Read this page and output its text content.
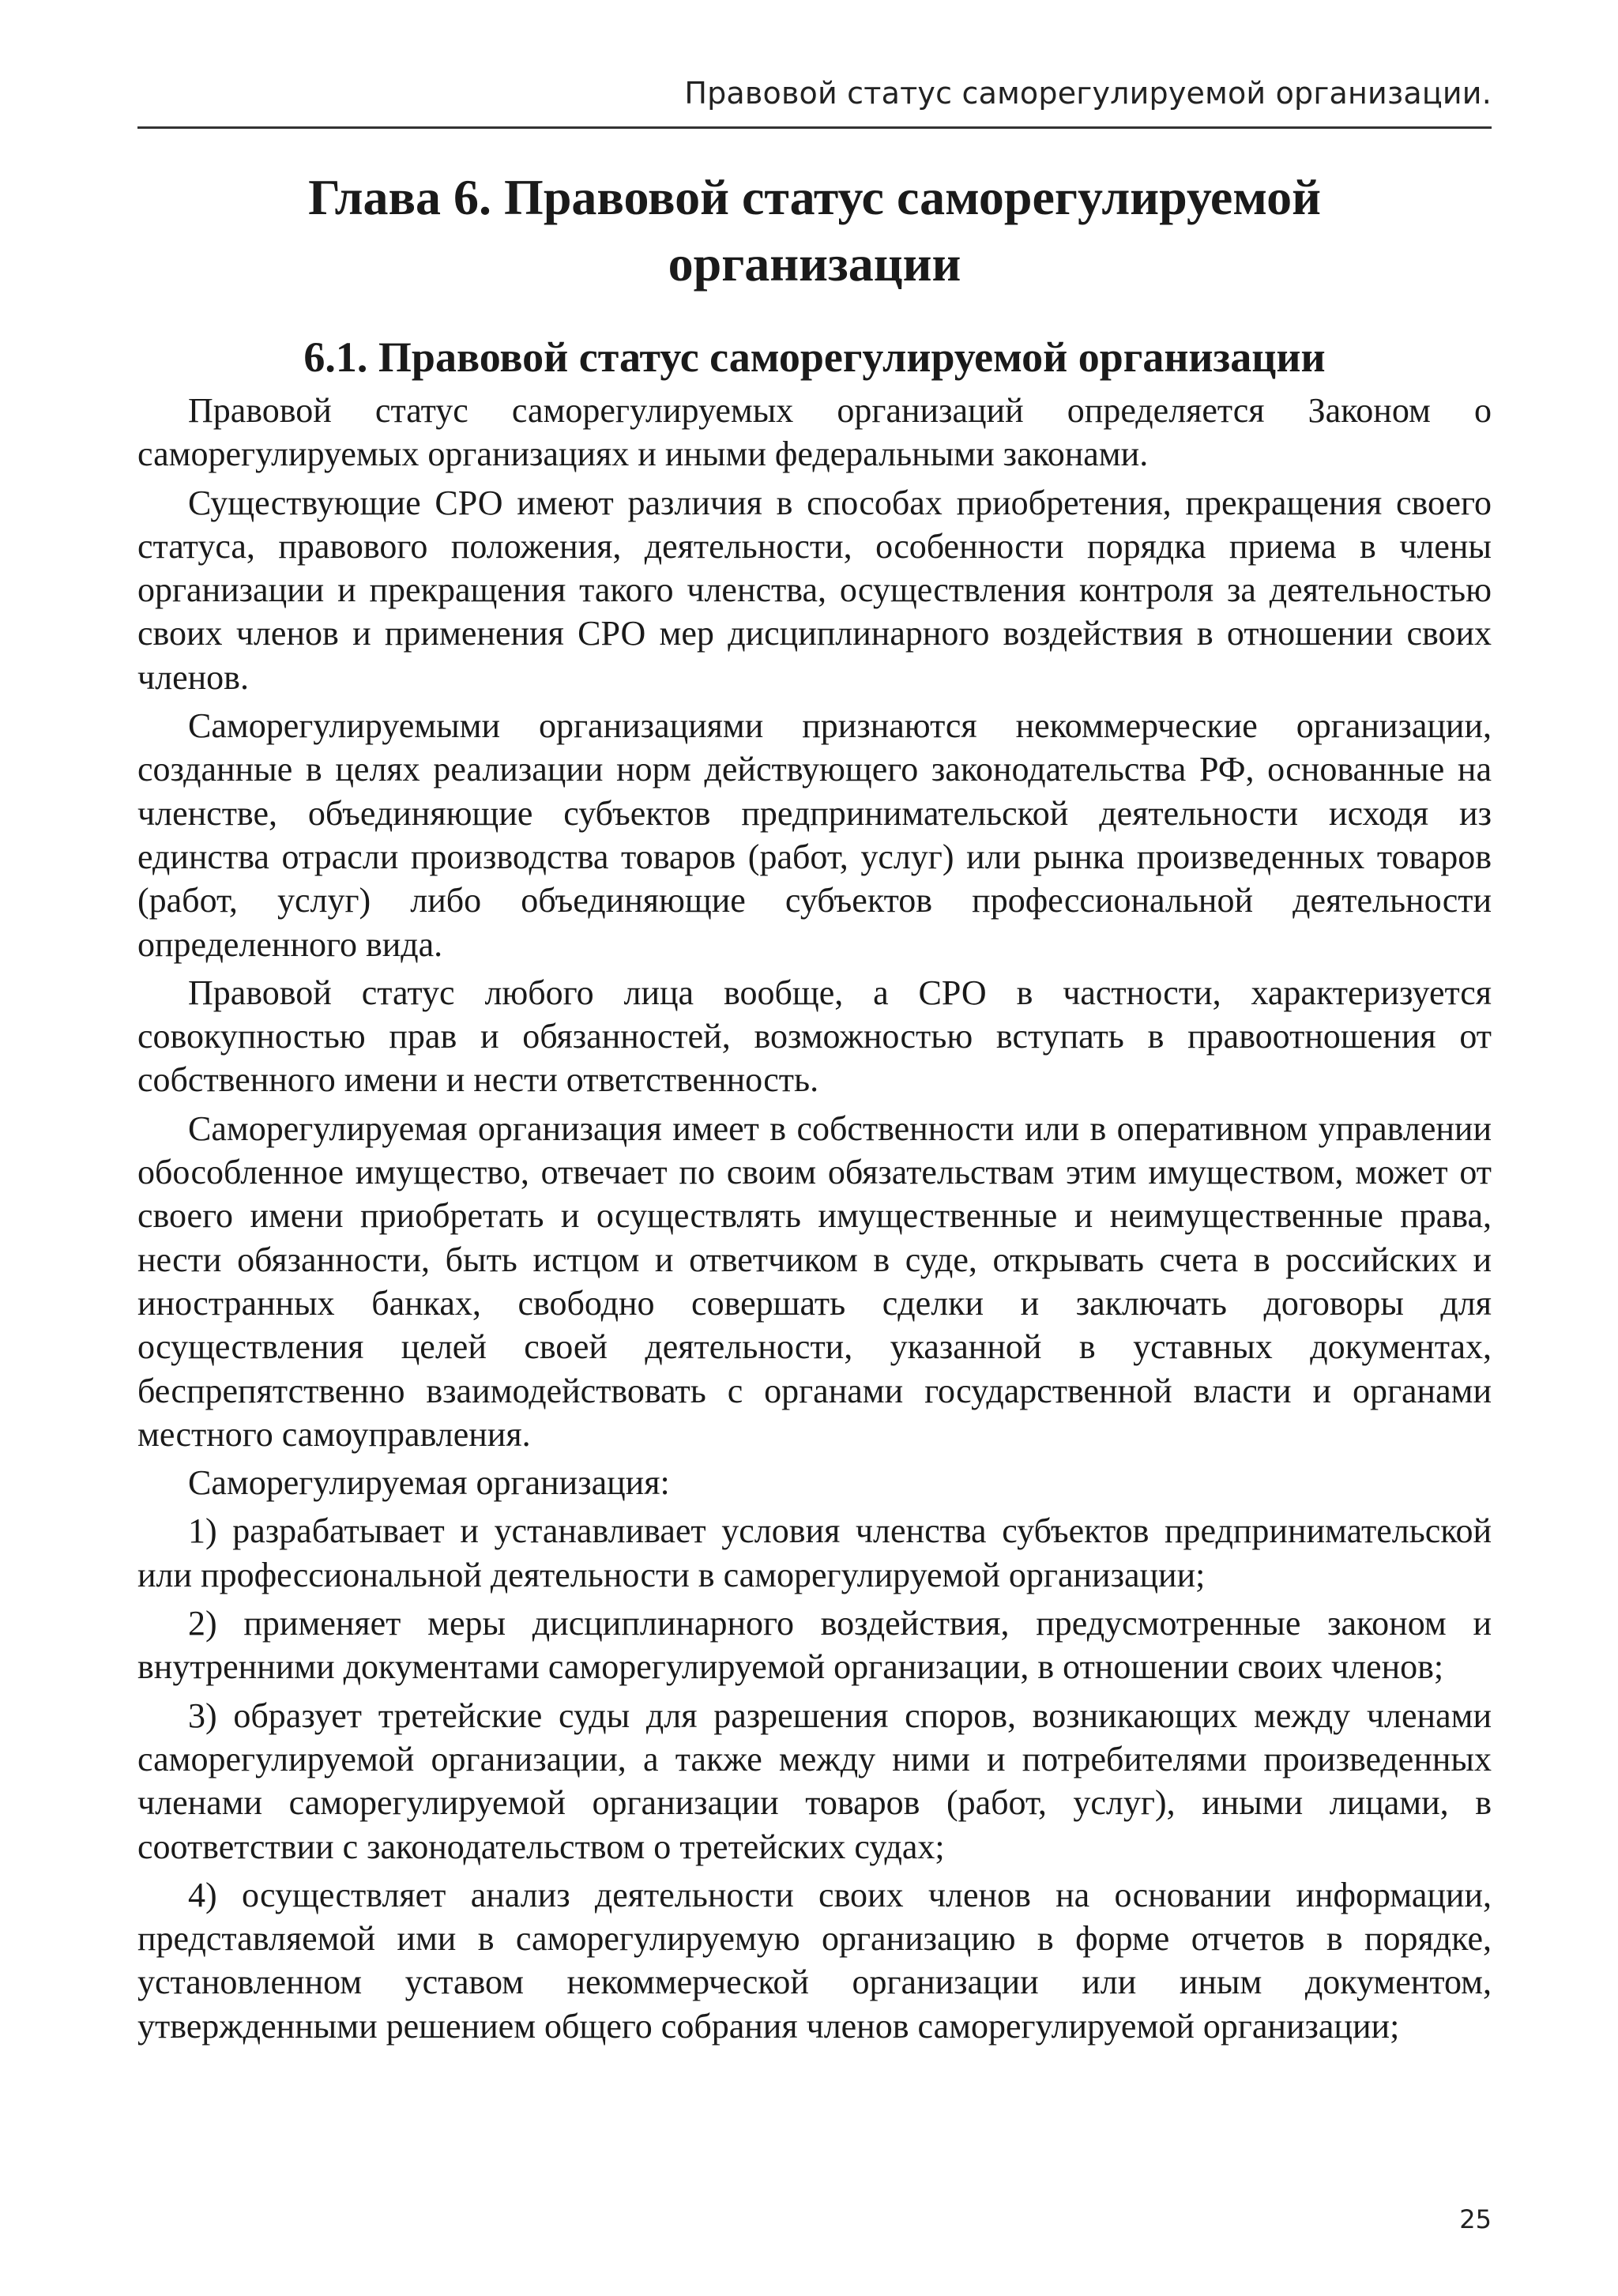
Правовой статус саморегулируемой организации.
Глава 6. Правовой статус саморегулируемой организации
6.1. Правовой статус саморегулируемой организации

Правовой статус саморегулируемых организаций определяется Законом о саморегулируемых организациях и иными федеральными законами.

Существующие СРО имеют различия в способах приобретения, прекращения своего статуса, правового положения, деятельности, особенности порядка приема в члены организации и прекращения такого членства, осуществления контроля за деятельностью своих членов и применения СРО мер дисциплинарного воздействия в отношении своих членов.

Саморегулируемыми организациями признаются некоммерческие организации, созданные в целях реализации норм действующего законодательства РФ, основанные на членстве, объединяющие субъектов предпринимательской деятельности исходя из единства отрасли производства товаров (работ, услуг) или рынка произведенных товаров (работ, услуг) либо объединяющие субъектов профессиональной деятельности определенного вида.

Правовой статус любого лица вообще, а СРО в частности, характеризуется совокупностью прав и обязанностей, возможностью вступать в правоотношения от собственного имени и нести ответственность.

Саморегулируемая организация имеет в собственности или в оперативном управлении обособленное имущество, отвечает по своим обязательствам этим имуществом, может от своего имени приобретать и осуществлять имущественные и неимущественные права, нести обязанности, быть истцом и ответчиком в суде, открывать счета в российских и иностранных банках, свободно совершать сделки и заключать договоры для осуществления целей своей деятельности, указанной в уставных документах, беспрепятственно взаимодействовать с органами государственной власти и органами местного самоуправления.

Саморегулируемая организация:

1) разрабатывает и устанавливает условия членства субъектов предпринимательской или профессиональной деятельности в саморегулируемой организации;

2) применяет меры дисциплинарного воздействия, предусмотренные законом и внутренними документами саморегулируемой организации, в отношении своих членов;

3) образует третейские суды для разрешения споров, возникающих между членами саморегулируемой организации, а также между ними и потребителями произведенных членами саморегулируемой организации товаров (работ, услуг), иными лицами, в соответствии с законодательством о третейских судах;

4) осуществляет анализ деятельности своих членов на основании информации, представляемой ими в саморегулируемую организацию в форме отчетов в порядке, установленном уставом некоммерческой организации или иным документом, утвержденными решением общего собрания членов саморегулируемой организации;

25
